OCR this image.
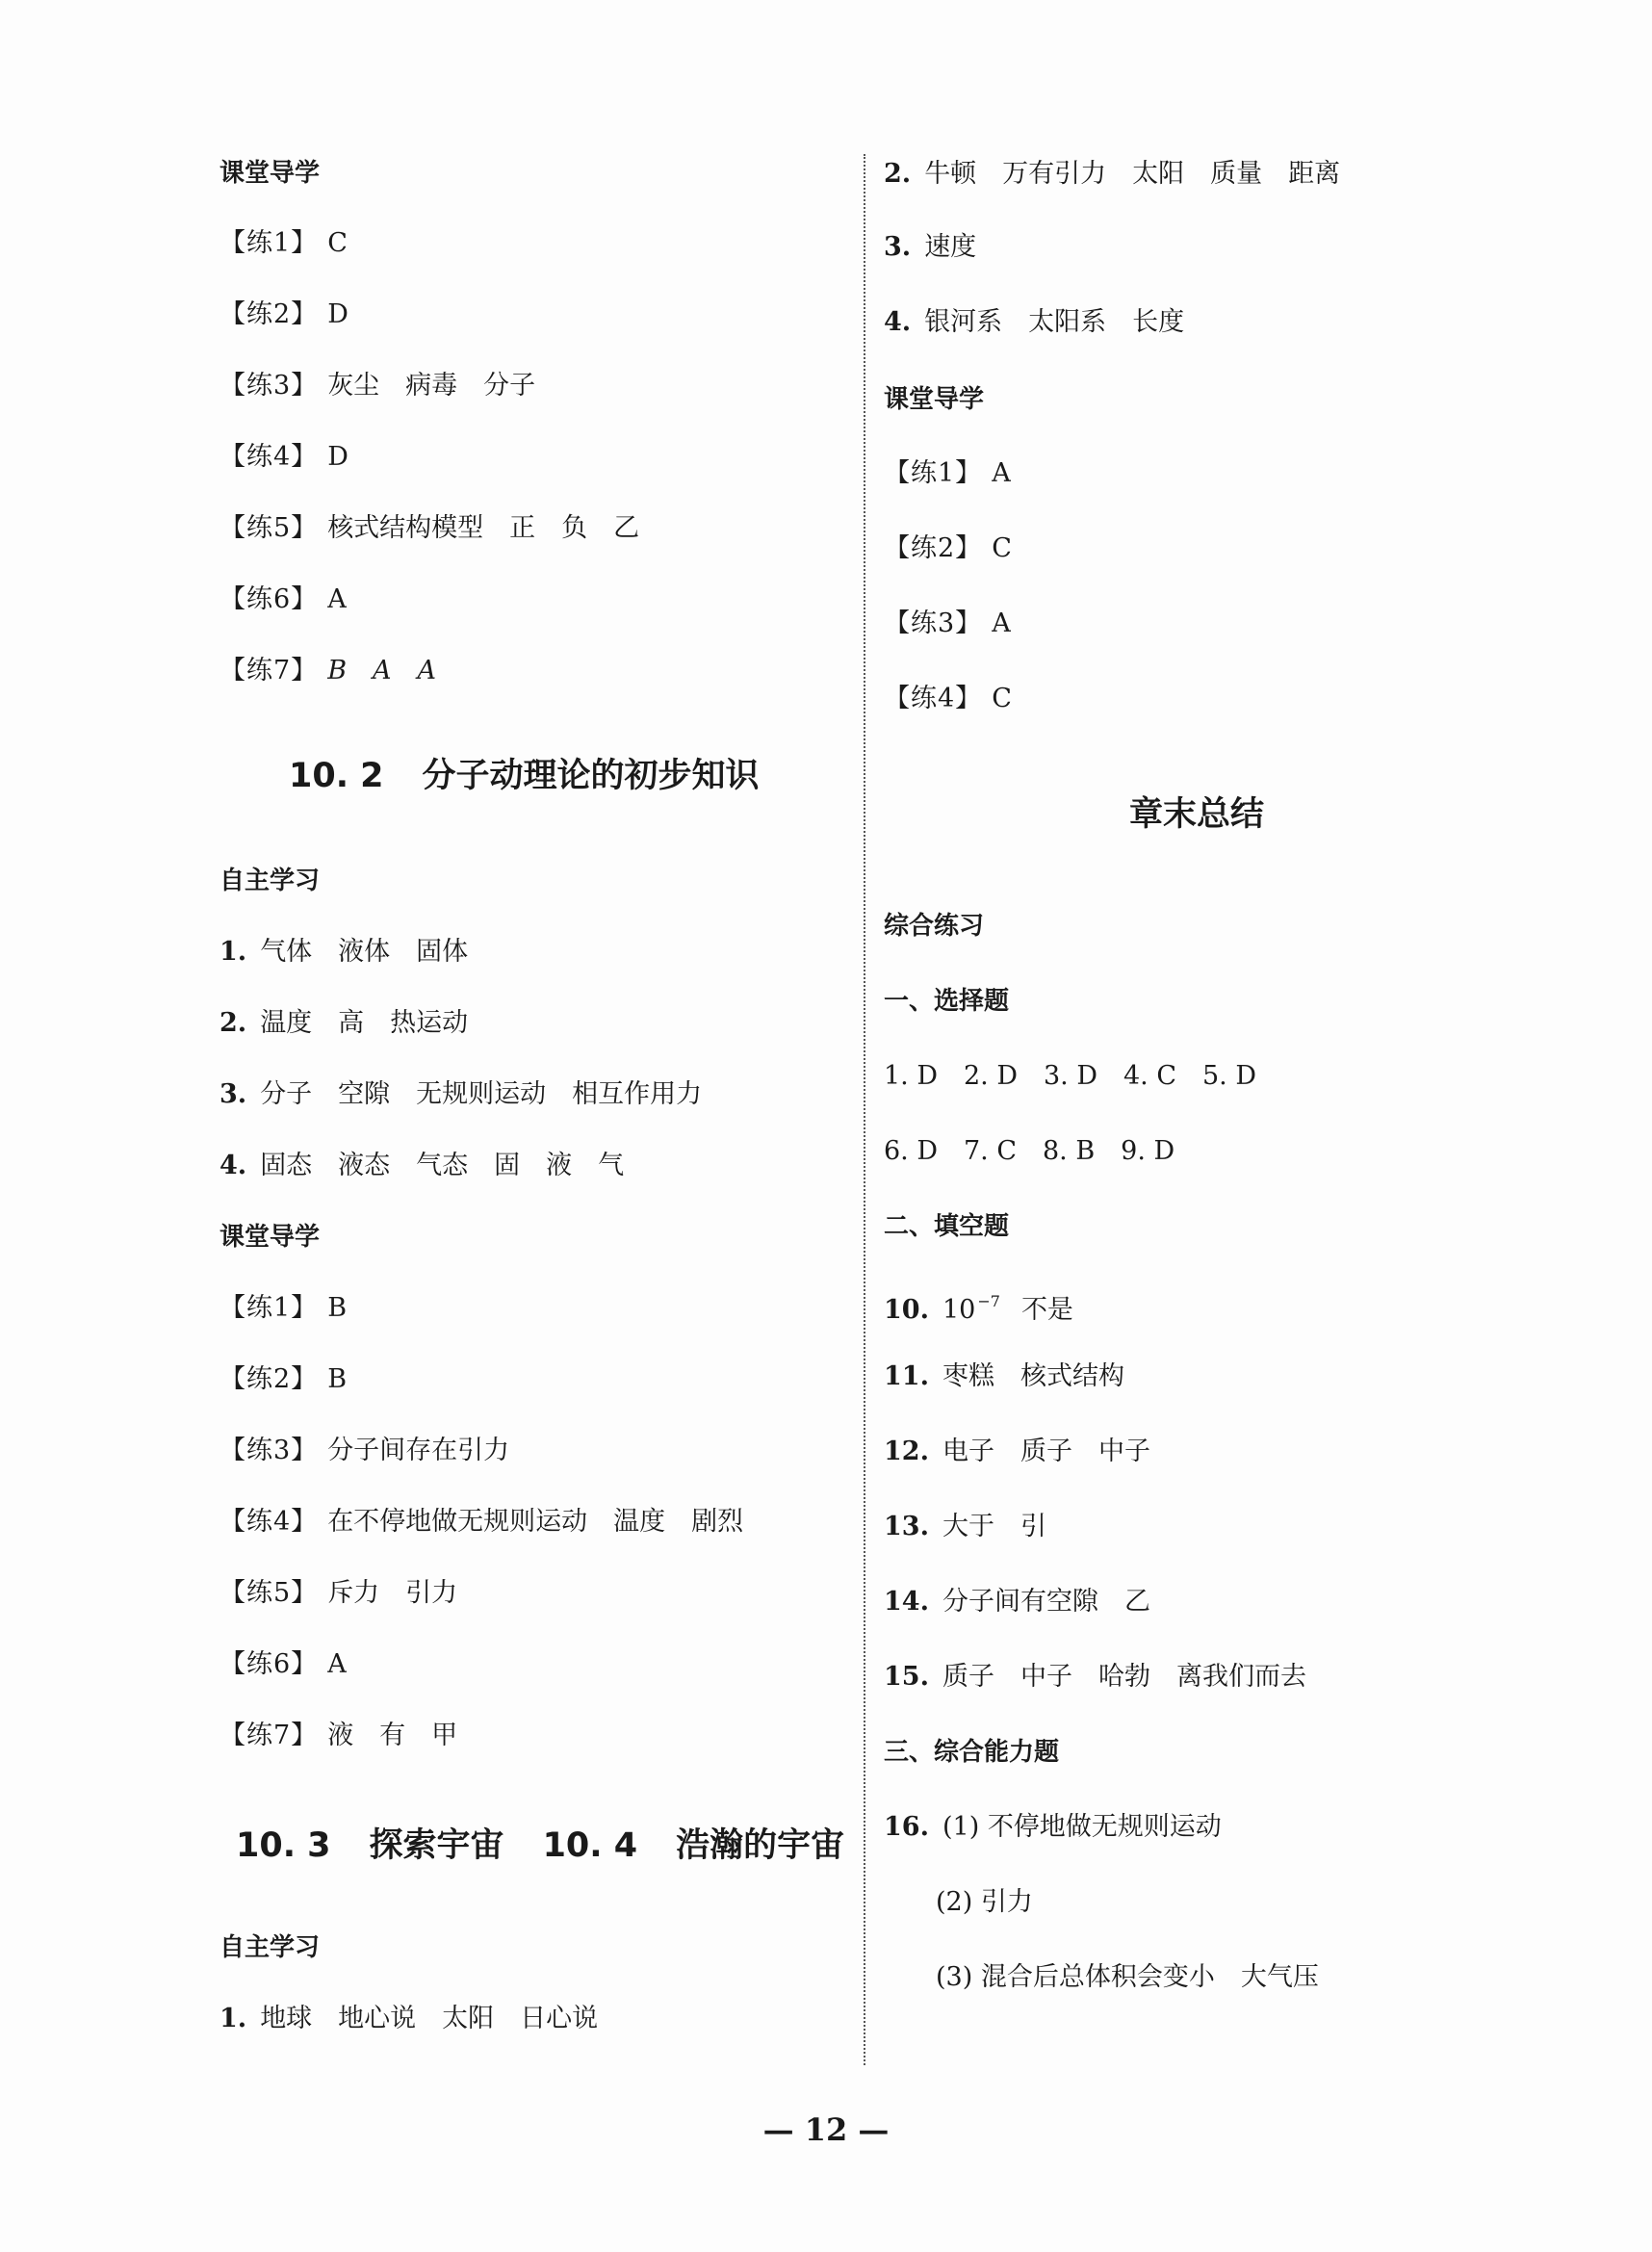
课堂导学
【练1】 C
【练2】 D
【练3】 灰尘　病毒　分子
【练4】 D
【练5】 核式结构模型　正　负　乙
【练6】 A
【练7】 B　A　A
10. 2 分子动理论的初步知识
自主学习
1. 气体　液体　固体
2. 温度　高　热运动
3. 分子　空隙　无规则运动　相互作用力
4. 固态　液态　气态　固　液　气
课堂导学
【练1】 B
【练2】 B
【练3】 分子间存在引力
【练4】 在不停地做无规则运动　温度　剧烈
【练5】 斥力　引力
【练6】 A
【练7】 液　有　甲
10. 3 探索宇宙 10. 4 浩瀚的宇宙
自主学习
1. 地球　地心说　太阳　日心说
2. 牛顿　万有引力　太阳　质量　距离
3. 速度
4. 银河系　太阳系　长度
课堂导学
【练1】 A
【练2】 C
【练3】 A
【练4】 C
章末总结
综合练习
一、选择题
1. D　2. D　3. D　4. C　5. D
6. D　7. C　8. B　9. D
二、填空题
10. 10 $^{-7}$ 不是
11. 枣糕　核式结构
12. 电子　质子　中子
13. 大于　引
14. 分子间有空隙　乙
15. 质子　中子　哈勃　离我们而去
三、综合能力题
16. (1) 不停地做无规则运动
(2) 引力
(3) 混合后总体积会变小　大气压
— 12 —
